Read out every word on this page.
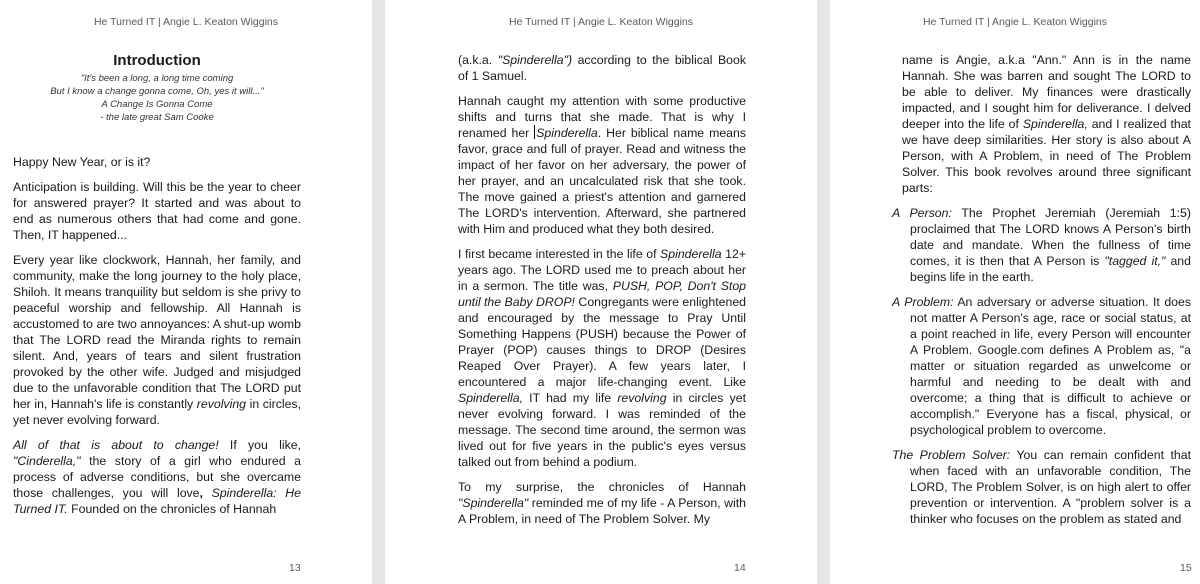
He Turned IT | Angie L. Keaton Wiggins
Introduction
"It's been a long, a long time coming
But I know a change gonna come, Oh, yes it will..."
A Change Is Gonna Come
- the late great Sam Cooke

Happy New Year, or is it?

Anticipation is building. Will this be the year to cheer for answered prayer? It started and was about to end as numerous others that had come and gone. Then, IT happened...

Every year like clockwork, Hannah, her family, and community, make the long journey to the holy place, Shiloh. It means tranquility but seldom is she privy to peaceful worship and fellowship. All Hannah is accustomed to are two annoyances: A shut-up womb that The LORD read the Miranda rights to remain silent. And, years of tears and silent frustration provoked by the other wife. Judged and misjudged due to the unfavorable condition that The LORD put her in, Hannah's life is constantly revolving in circles, yet never evolving forward.

All of that is about to change! If you like, "Cinderella," the story of a girl who endured a process of adverse conditions, but she overcame those challenges, you will love, Spinderella: He Turned IT. Founded on the chronicles of Hannah

13
He Turned IT | Angie L. Keaton Wiggins

(a.k.a. "Spinderella") according to the biblical Book of 1 Samuel.

Hannah caught my attention with some productive shifts and turns that she made. That is why I renamed her Spinderella. Her biblical name means favor, grace and full of prayer. Read and witness the impact of her favor on her adversary, the power of her prayer, and an uncalculated risk that she took. The move gained a priest's attention and garnered The LORD's intervention. Afterward, she partnered with Him and produced what they both desired.

I first became interested in the life of Spinderella 12+ years ago. The LORD used me to preach about her in a sermon. The title was, PUSH, POP, Don't Stop until the Baby DROP! Congregants were enlightened and encouraged by the message to Pray Until Something Happens (PUSH) because the Power of Prayer (POP) causes things to DROP (Desires Reaped Over Prayer). A few years later, I encountered a major life-changing event. Like Spinderella, IT had my life revolving in circles yet never evolving forward. I was reminded of the message. The second time around, the sermon was lived out for five years in the public's eyes versus talked out from behind a podium.

To my surprise, the chronicles of Hannah "Spinderella" reminded me of my life - A Person, with A Problem, in need of The Problem Solver. My

14
He Turned IT | Angie L. Keaton Wiggins

name is Angie, a.k.a "Ann." Ann is in the name Hannah. She was barren and sought The LORD to be able to deliver. My finances were drastically impacted, and I sought him for deliverance. I delved deeper into the life of Spinderella, and I realized that we have deep similarities. Her story is also about A Person, with A Problem, in need of The Problem Solver. This book revolves around three significant parts:

A Person: The Prophet Jeremiah (Jeremiah 1:5) proclaimed that The LORD knows A Person's birth date and mandate. When the fullness of time comes, it is then that A Person is "tagged it," and begins life in the earth.

A Problem: An adversary or adverse situation. It does not matter A Person's age, race or social status, at a point reached in life, every Person will encounter A Problem. Google.com defines A Problem as, "a matter or situation regarded as unwelcome or harmful and needing to be dealt with and overcome; a thing that is difficult to achieve or accomplish." Everyone has a fiscal, physical, or psychological problem to overcome.

The Problem Solver: You can remain confident that when faced with an unfavorable condition, The LORD, The Problem Solver, is on high alert to offer prevention or intervention. A "problem solver is a thinker who focuses on the problem as stated and

15
